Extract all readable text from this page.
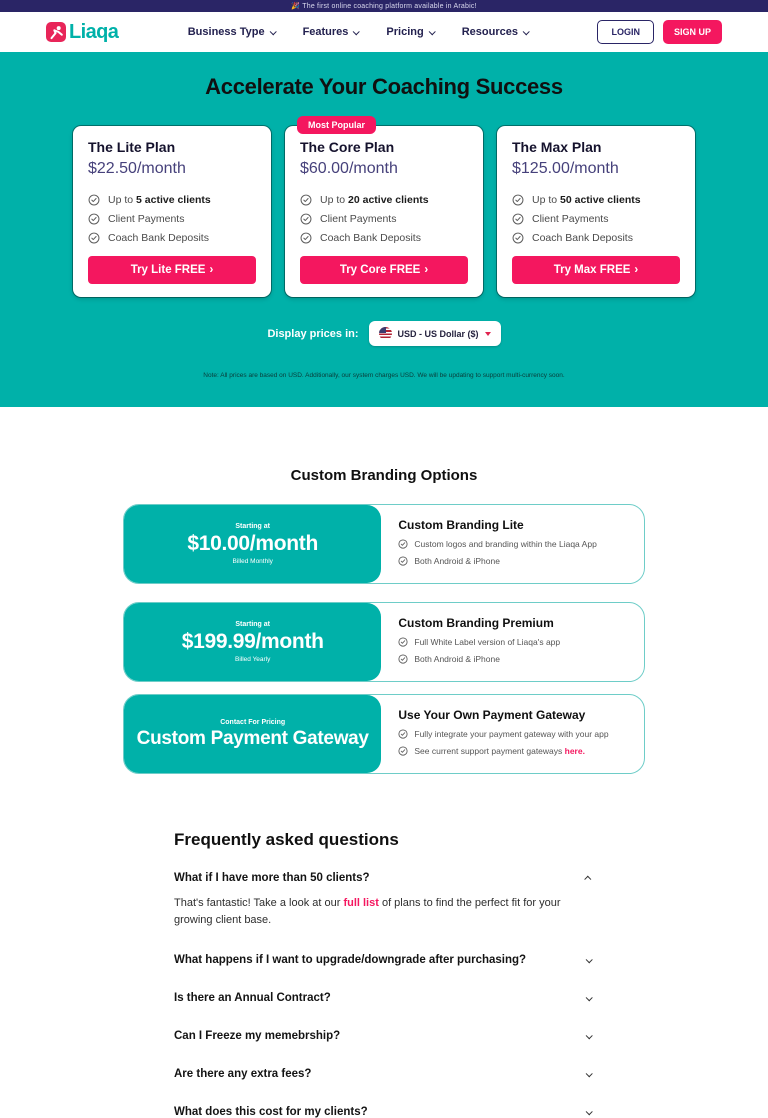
🎉 The first online coaching platform available in Arabic!
Liaqa	Business Type	Features	Pricing	Resources	LOGIN	SIGN UP
Accelerate Your Coaching Success
The Lite Plan
$22.50/month
Up to 5 active clients
Client Payments
Coach Bank Deposits
Try Lite FREE ›
Most Popular
The Core Plan
$60.00/month
Up to 20 active clients
Client Payments
Coach Bank Deposits
Try Core FREE ›
The Max Plan
$125.00/month
Up to 50 active clients
Client Payments
Coach Bank Deposits
Try Max FREE ›
Display prices in:	USD - US Dollar ($)
Note: All prices are based on USD. Additionally, our system charges USD. We will be updating to support multi-currency soon.
Custom Branding Options
Starting at
$10.00/month
Billed Monthly
Custom Branding Lite
Custom logos and branding within the Liaqa App
Both Android & iPhone
Starting at
$199.99/month
Billed Yearly
Custom Branding Premium
Full White Label version of Liaqa's app
Both Android & iPhone
Contact For Pricing
Custom Payment Gateway
Use Your Own Payment Gateway
Fully integrate your payment gateway with your app
See current support payment gateways here.
Frequently asked questions
What if I have more than 50 clients?
That's fantastic! Take a look at our full list of plans to find the perfect fit for your growing client base.
What happens if I want to upgrade/downgrade after purchasing?
Is there an Annual Contract?
Can I Freeze my memebrship?
Are there any extra fees?
What does this cost for my clients?
